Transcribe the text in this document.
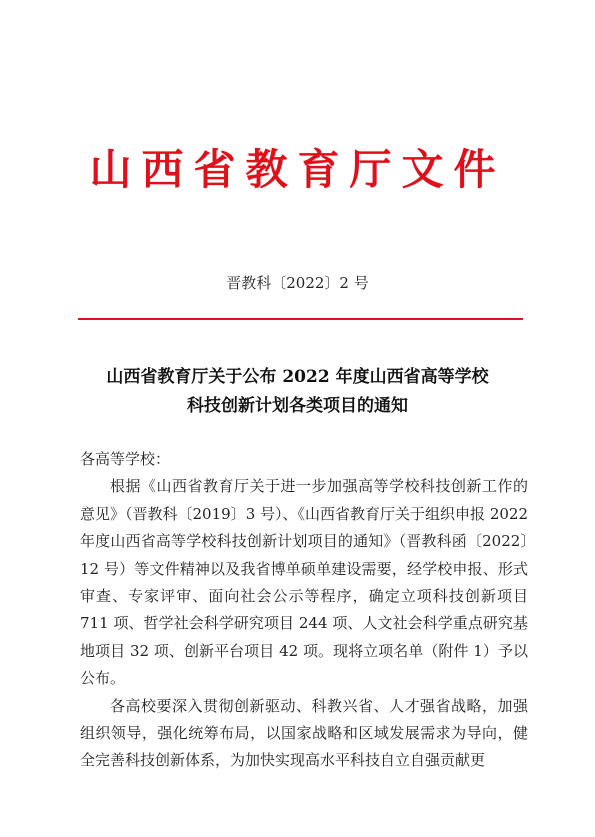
山西省教育厅文件
晋教科〔2022〕2 号
山西省教育厅关于公布 2022 年度山西省高等学校
科技创新计划各类项目的通知

各高等学校：

根据《山西省教育厅关于进一步加强高等学校科技创新工作的意见》（晋教科〔2019〕3 号）、《山西省教育厅关于组织申报 2022 年度山西省高等学校科技创新计划项目的通知》（晋教科函〔2022〕12 号）等文件精神以及我省博单硕单建设需要，经学校申报、形式审查、专家评审、面向社会公示等程序，确定立项科技创新项目 711 项、哲学社会科学研究项目 244 项、人文社会科学重点研究基地项目 32 项、创新平台项目 42 项。现将立项名单（附件 1）予以公布。

各高校要深入贯彻创新驱动、科教兴省、人才强省战略，加强组织领导，强化统筹布局，以国家战略和区域发展需求为导向，健全完善科技创新体系，为加快实现高水平科技自立自强贡献更
